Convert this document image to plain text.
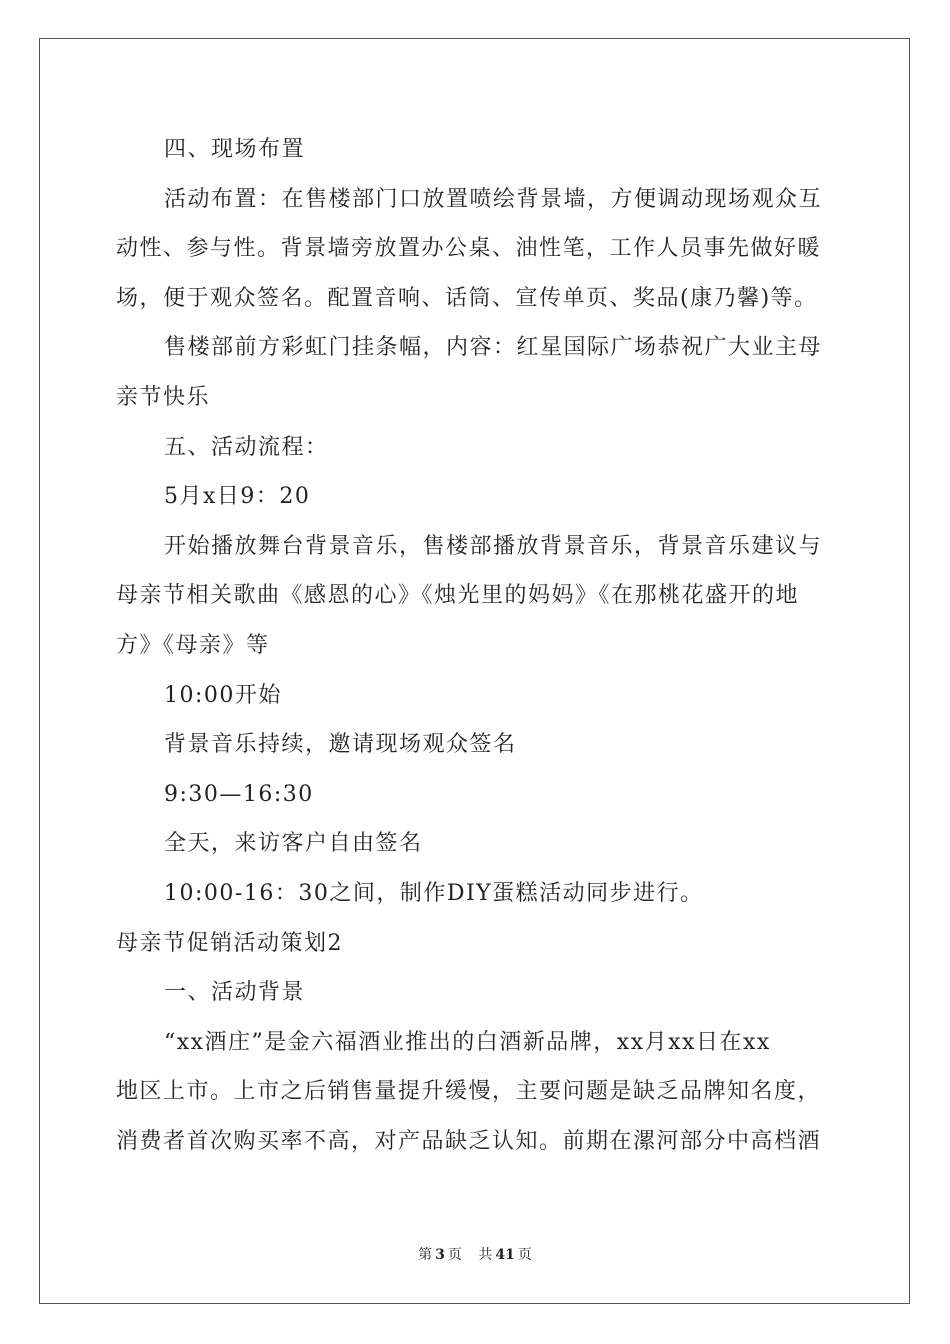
四、现场布置
活动布置：在售楼部门口放置喷绘背景墙，方便调动现场观众互
动性、参与性。背景墙旁放置办公桌、油性笔，工作人员事先做好暖
场，便于观众签名。配置音响、话筒、宣传单页、奖品(康乃馨)等。
售楼部前方彩虹门挂条幅，内容：红星国际广场恭祝广大业主母
亲节快乐
五、活动流程：
5月x日9：20
开始播放舞台背景音乐，售楼部播放背景音乐，背景音乐建议与
母亲节相关歌曲《感恩的心》《烛光里的妈妈》《在那桃花盛开的地
方》《母亲》等
10:00开始
背景音乐持续，邀请现场观众签名
9:30—16:30
全天，来访客户自由签名
10:00-16：30之间，制作DIY蛋糕活动同步进行。
母亲节促销活动策划2
一、活动背景
“xx酒庄”是金六福酒业推出的白酒新品牌，xx月xx日在xx
地区上市。上市之后销售量提升缓慢，主要问题是缺乏品牌知名度，
消费者首次购买率不高，对产品缺乏认知。前期在漯河部分中高档酒
第 3 页 共 41 页
